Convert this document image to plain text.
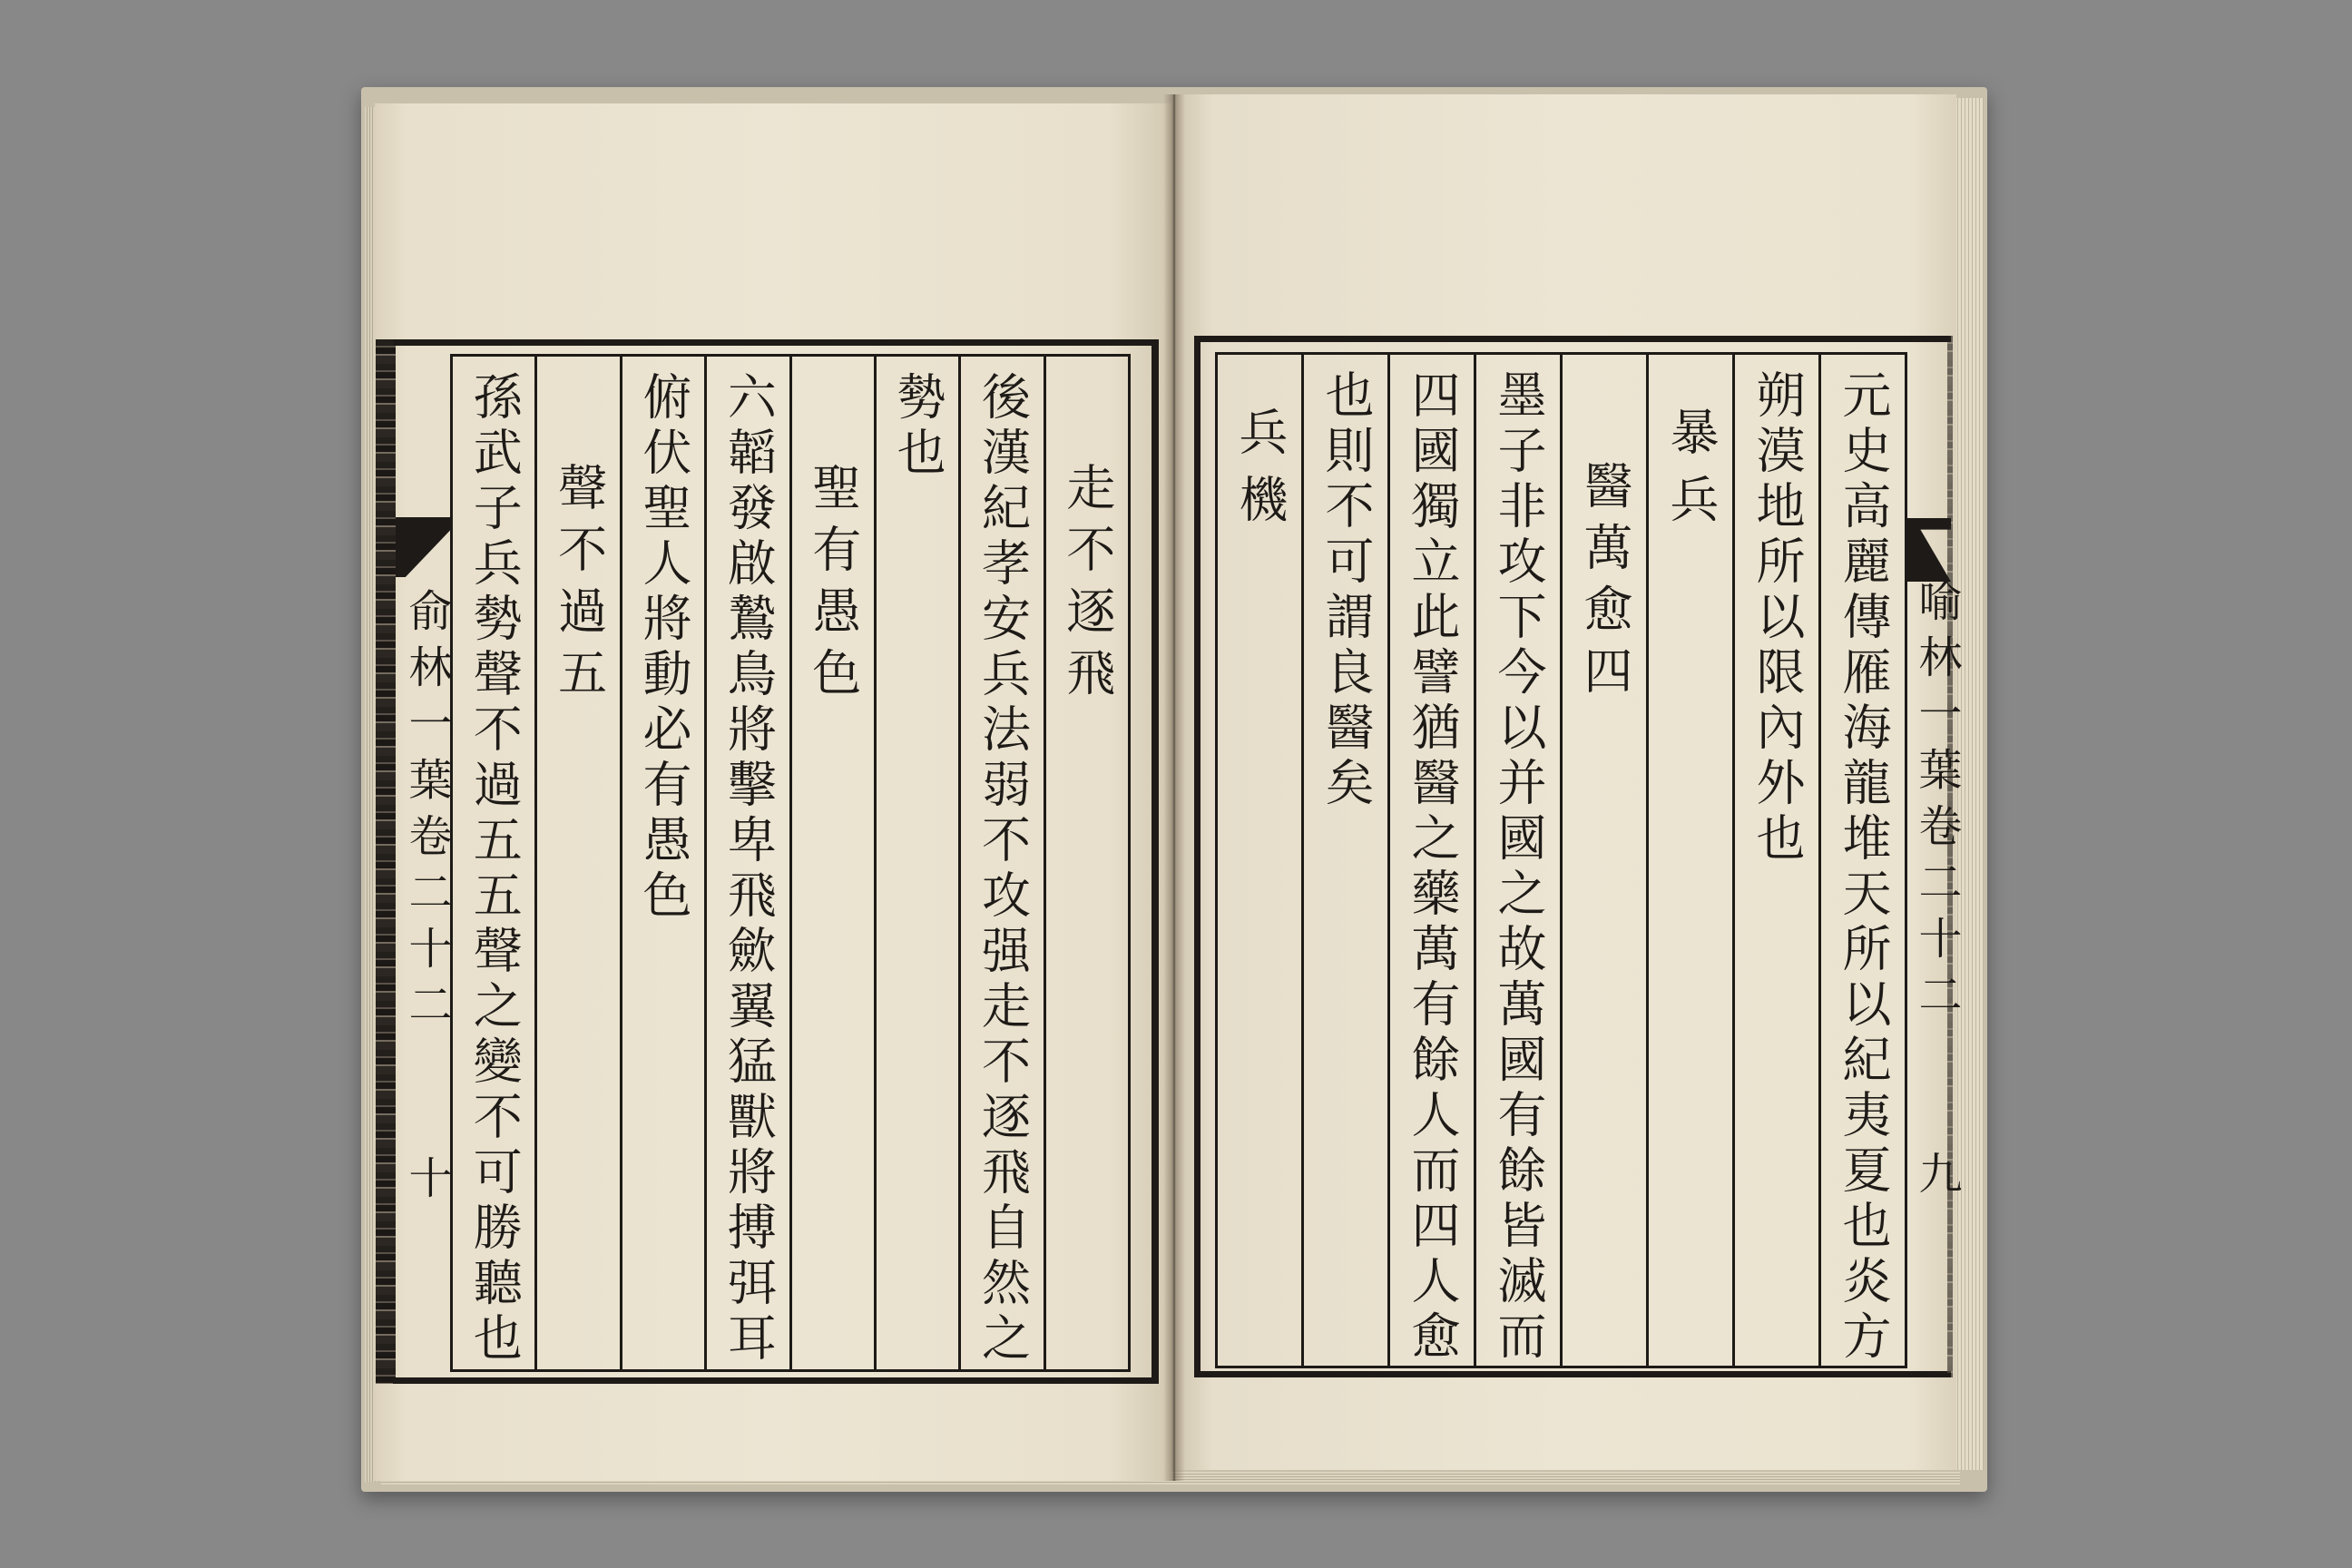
俞林一葉卷二十二
十
走不逐飛
後漢紀孝安兵法弱不攻强走不逐飛自然之
勢也
聖有愚色
六韜發啟鷙鳥將擊卑飛歛翼猛獸將搏弭耳
俯伏聖人將動必有愚色
聲不過五
孫武子兵勢聲不過五五聲之變不可勝聽也	喻林一葉卷二十二
九
元史高麗傳雁海龍堆天所以紀夷夏也炎方
朔漠地所以限內外也
暴兵
醫萬愈四
墨子非攻下今以并國之故萬國有餘皆滅而
四國獨立此譬猶醫之藥萬有餘人而四人愈
也則不可謂良醫矣
兵機
